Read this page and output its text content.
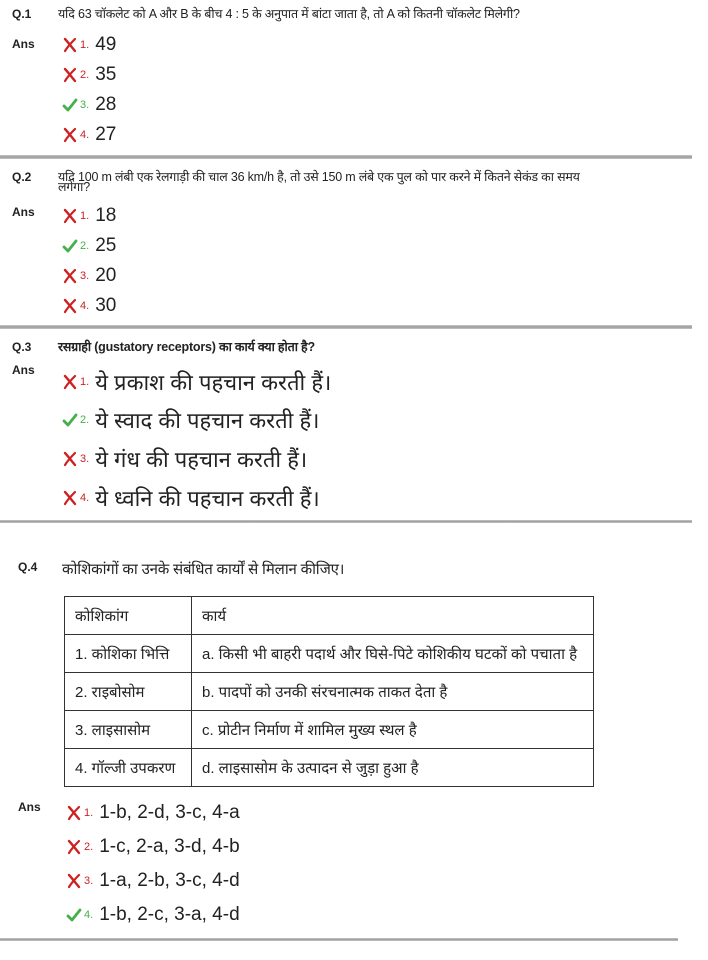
Q.1 यदि 63 चॉकलेट को A और B के बीच 4 : 5 के अनुपात में बांटा जाता है, तो A को कितनी चॉकलेट मिलेगी?
Ans	1. 49
2. 35
3. 28
4. 27
Q.2 यदि 100 m लंबी एक रेलगाड़ी की चाल 36 km/h है, तो उसे 150 m लंबे एक पुल को पार करने में कितने सेकंड का समय
लगेगा?
Ans	1. 18
2. 25
3. 20
4. 30
Q.3 रसग्राही (gustatory receptors) का कार्य क्या होता है?
Ans
1. ये प्रकाश की पहचान करती हैं।
2. ये स्वाद की पहचान करती हैं।
3. ये गंध की पहचान करती हैं।
4. ये ध्वनि की पहचान करती हैं।
Q.4 कोशिकांगों का उनके संबंधित कार्यों से मिलान कीजिए।
कोशिकांग	कार्य
1. कोशिका भित्ति	a. किसी भी बाहरी पदार्थ और घिसे-पिटे कोशिकीय घटकों को पचाता है
2. राइबोसोम	b. पादपों को उनकी संरचनात्मक ताकत देता है
3. लाइसासोम	c. प्रोटीन निर्माण में शामिल मुख्य स्थल है
4. गॉल्जी उपकरण	d. लाइसासोम के उत्पादन से जुड़ा हुआ है
Ans	1. 1-b, 2-d, 3-c, 4-a
2. 1-c, 2-a, 3-d, 4-b
3. 1-a, 2-b, 3-c, 4-d
4. 1-b, 2-c, 3-a, 4-d
